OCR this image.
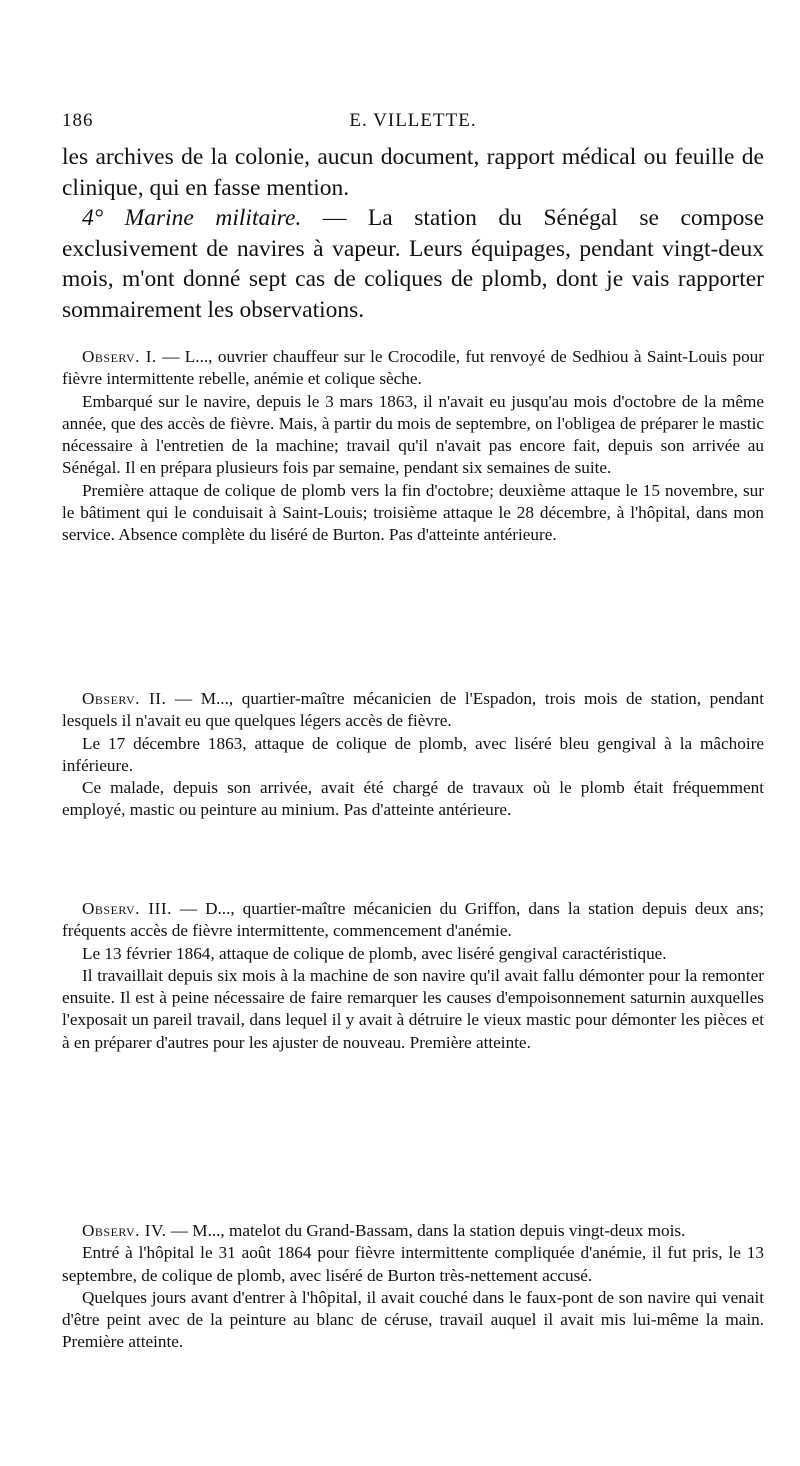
186	E. VILLETTE.

les archives de la colonie, aucun document, rapport médical ou feuille de clinique, qui en fasse mention.

4° Marine militaire. — La station du Sénégal se compose exclusivement de navires à vapeur. Leurs équipages, pendant vingt-deux mois, m'ont donné sept cas de coliques de plomb, dont je vais rapporter sommairement les observations.

Observ. I. — L..., ouvrier chauffeur sur le Crocodile, fut renvoyé de Sedhiou à Saint-Louis pour fièvre intermittente rebelle, anémie et colique sèche.

Embarqué sur le navire, depuis le 3 mars 1863, il n'avait eu jusqu'au mois d'octobre de la même année, que des accès de fièvre. Mais, à partir du mois de septembre, on l'obligea de préparer le mastic nécessaire à l'entretien de la machine; travail qu'il n'avait pas encore fait, depuis son arrivée au Sénégal. Il en prépara plusieurs fois par semaine, pendant six semaines de suite.

Première attaque de colique de plomb vers la fin d'octobre; deuxième attaque le 15 novembre, sur le bâtiment qui le conduisait à Saint-Louis; troisième attaque le 28 décembre, à l'hôpital, dans mon service. Absence complète du liséré de Burton. Pas d'atteinte antérieure.

Observ. II. — M..., quartier-maître mécanicien de l'Espadon, trois mois de station, pendant lesquels il n'avait eu que quelques légers accès de fièvre.

Le 17 décembre 1863, attaque de colique de plomb, avec liséré bleu gengival à la mâchoire inférieure.

Ce malade, depuis son arrivée, avait été chargé de travaux où le plomb était fréquemment employé, mastic ou peinture au minium. Pas d'atteinte antérieure.

Observ. III. — D..., quartier-maître mécanicien du Griffon, dans la station depuis deux ans; fréquents accès de fièvre intermittente, commencement d'anémie.

Le 13 février 1864, attaque de colique de plomb, avec liséré gengival caractéristique.

Il travaillait depuis six mois à la machine de son navire qu'il avait fallu démonter pour la remonter ensuite. Il est à peine nécessaire de faire remarquer les causes d'empoisonnement saturnin auxquelles l'exposait un pareil travail, dans lequel il y avait à détruire le vieux mastic pour démonter les pièces et à en préparer d'autres pour les ajuster de nouveau. Première atteinte.

Observ. IV. — M..., matelot du Grand-Bassam, dans la station depuis vingt-deux mois.

Entré à l'hôpital le 31 août 1864 pour fièvre intermittente compliquée d'anémie, il fut pris, le 13 septembre, de colique de plomb, avec liséré de Burton très-nettement accusé.

Quelques jours avant d'entrer à l'hôpital, il avait couché dans le faux-pont de son navire qui venait d'être peint avec de la peinture au blanc de céruse, travail auquel il avait mis lui-même la main. Première atteinte.
